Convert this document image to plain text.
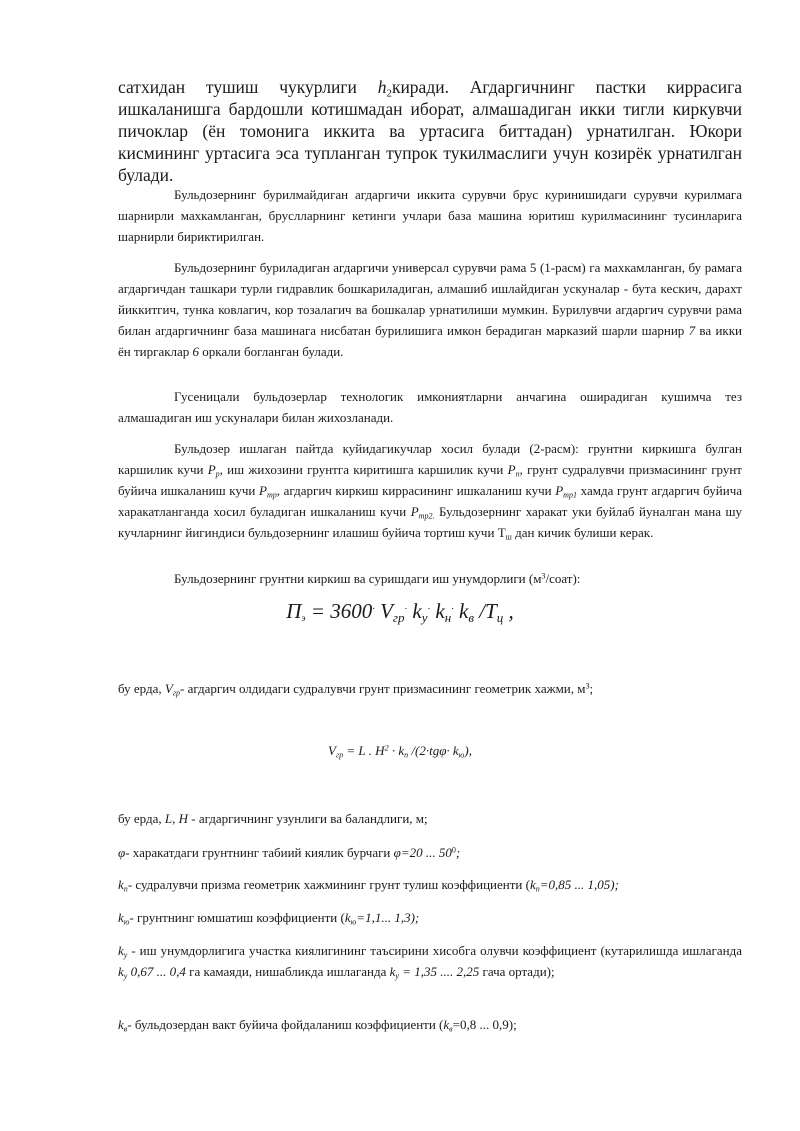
сатхидан тушиш чукурлиги $h_2киради$. Агдаргичнинг пастки киррасига ишкаланишга бардошли котишмадан иборат, алмашадиган икки тигли киркувчи пичоклар (ён томонига иккита ва уртасига биттадан) урнатилган. Юкори кисмининг уртасига эса тупланган тупрок тукилмаслиги учун козирёк урнатилган булади.
Бульдозернинг бурилмайдиган агдаргичи иккита сурувчи брус куринишидаги сурувчи курилмага шарнирли махкамланган, бруслларнинг кетинги учлари база машина юритиш курилмасининг тусинларига шарнирли бириктирилган.
Бульдозернинг буриладиган агдаргичи универсал сурувчи рама 5 (1-расм) га махкамланган, бу рамага агдаргичдан ташкари турли гидравлик бошкариладиган, алмашиб ишлайдиган ускуналар - бута кескич, дарахт йиккитгич, тунка ковлагич, кор тозалагич ва бошкалар урнатилиши мумкин. Бурилувчи агдаргич сурувчи рама билан агдаргичнинг база машинага нисбатан бурилишига имкон берадиган марказий шарли шарнир 7 ва икки ён тиргаклар 6 оркали богланган булади.
Гусеницали бульдозерлар технологик имкониятларни анчагина оширадиган кушимча тез алмашадиган иш ускуналари билан жихозланади.
Бульдозер ишлаган пайтда куйидагикучлар хосил булади (2-расм): грунтни киркишга булган каршилик кучи $P_р$, иш жихозини грунтга киритишга каршилик кучи $P_п$, грунт судралувчи призмасининг грунт буйича ишкаланиш кучи $P_{тр}$, агдаргич киркиш киррасининг ишкаланиш кучи $P_{тр1}$ хамда грунт агдаргич буйича харакатланганда хосил буладиган ишкаланиш кучи $P_{тр2.}$ Бульдозернинг харакат уки буйлаб йуналган мана шу кучларнинг йигиндиси бульдозернинг илашиш буйича тортиш кучи $Т_ш$ дан кичик булиши керак.
Бульдозернинг грунтни киркиш ва суришдаги иш унумдорлиги $(м^3/соат)$:
$П_э = 3600^\cdot$ $V_{гр}^\cdot$ $k_у^\cdot$ $k_н^\cdot$ $k_в$ $/T_ц$ ,
бу ерда, $V_{гр}-$ агдаргич олдидаги судралувчи грунт призмасининг геометрик хажми, $м^3$;
$V_{гр} = L$ . $H^2 \cdot k_п$ $/(2\cdot tg\varphi\cdot k_ю)$,
бу ерда, L, H - агдаргичнинг узунлиги ва баландлиги, м;
φ- харакатдаги грунтнинг табиий киялик бурчаги φ=20 ... $50^0$;
$k_п-$ судралувчи призма геометрик хажмининг грунт тулиш коэффициенти ($k_п=0,85$ ... 1,05);
$k_ю-$ грунтнинг юмшатиш коэффициенти ($k_ю=1,1$... 1,3);
$k_у$ - иш унумдорлигига участка киялигининг таъсирини хисобга олувчи коэффициент (кутарилишда ишлаганда $k_у$ 0,67 ... 0,4 га камаяди, нишабликда ишлаганда $k_у = 1,35$ .... 2,25 гача ортади);
$k_в-$ бульдозердан вакт буйича фойдаланиш коэффициенти ($k_в=0,8$ ... 0,9);
